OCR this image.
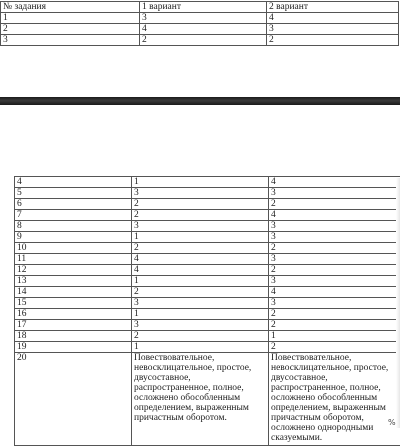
№ задания	1 вариант	2 вариант
1	3	4
2	4	3
3	2	2
4	1	4
5	3	3
6	2	2
7	2	4
8	3	3
9	1	3
10	2	2
11	4	3
12	4	2
13	1	3
14	2	4
15	3	3
16	1	2
17	3	2
18	2	1
19	1	2
20	Повествовательное, невосклицательное, простое, двусоставное, распространенное, полное, осложнено обособленным определением, выраженным причастным оборотом.	Повествовательное, невосклицательное, простое, двусоставное, распространенное, полное, осложнено обособленным определением, выраженным причастным оборотом, осложнено однородными сказуемыми.
%
